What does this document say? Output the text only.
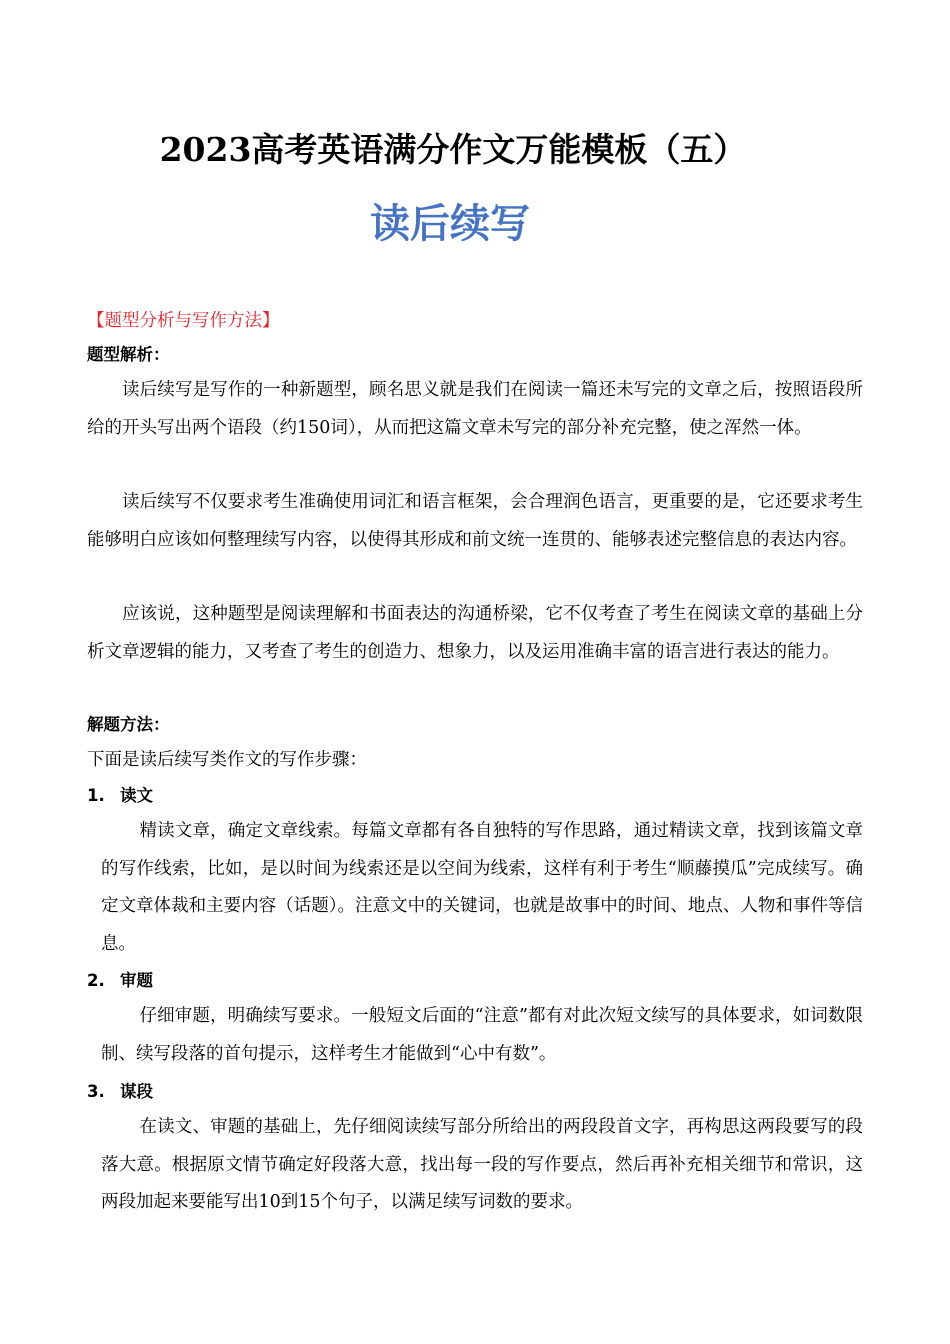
2023高考英语满分作文万能模板（五）
读后续写

【题型分析与写作方法】

题型解析：

读后续写是写作的一种新题型，顾名思义就是我们在阅读一篇还未写完的文章之后，按照语段所给的开头写出两个语段（约150词），从而把这篇文章未写完的部分补充完整，使之浑然一体。

读后续写不仅要求考生准确使用词汇和语言框架，会合理润色语言，更重要的是，它还要求考生能够明白应该如何整理续写内容，以使得其形成和前文统一连贯的、能够表述完整信息的表达内容。

应该说，这种题型是阅读理解和书面表达的沟通桥梁，它不仅考查了考生在阅读文章的基础上分析文章逻辑的能力，又考查了考生的创造力、想象力，以及运用准确丰富的语言进行表达的能力。

解题方法：

下面是读后续写类作文的写作步骤：

1. 读文

精读文章，确定文章线索。每篇文章都有各自独特的写作思路，通过精读文章，找到该篇文章的写作线索，比如，是以时间为线索还是以空间为线索，这样有利于考生“顺藤摸瓜”完成续写。确定文章体裁和主要内容（话题）。注意文中的关键词，也就是故事中的时间、地点、人物和事件等信息。

2. 审题

仔细审题，明确续写要求。一般短文后面的“注意”都有对此次短文续写的具体要求，如词数限制、续写段落的首句提示，这样考生才能做到“心中有数”。

3. 谋段

在读文、审题的基础上，先仔细阅读续写部分所给出的两段段首文字，再构思这两段要写的段落大意。根据原文情节确定好段落大意，找出每一段的写作要点，然后再补充相关细节和常识，这两段加起来要能写出10到15个句子，以满足续写词数的要求。
